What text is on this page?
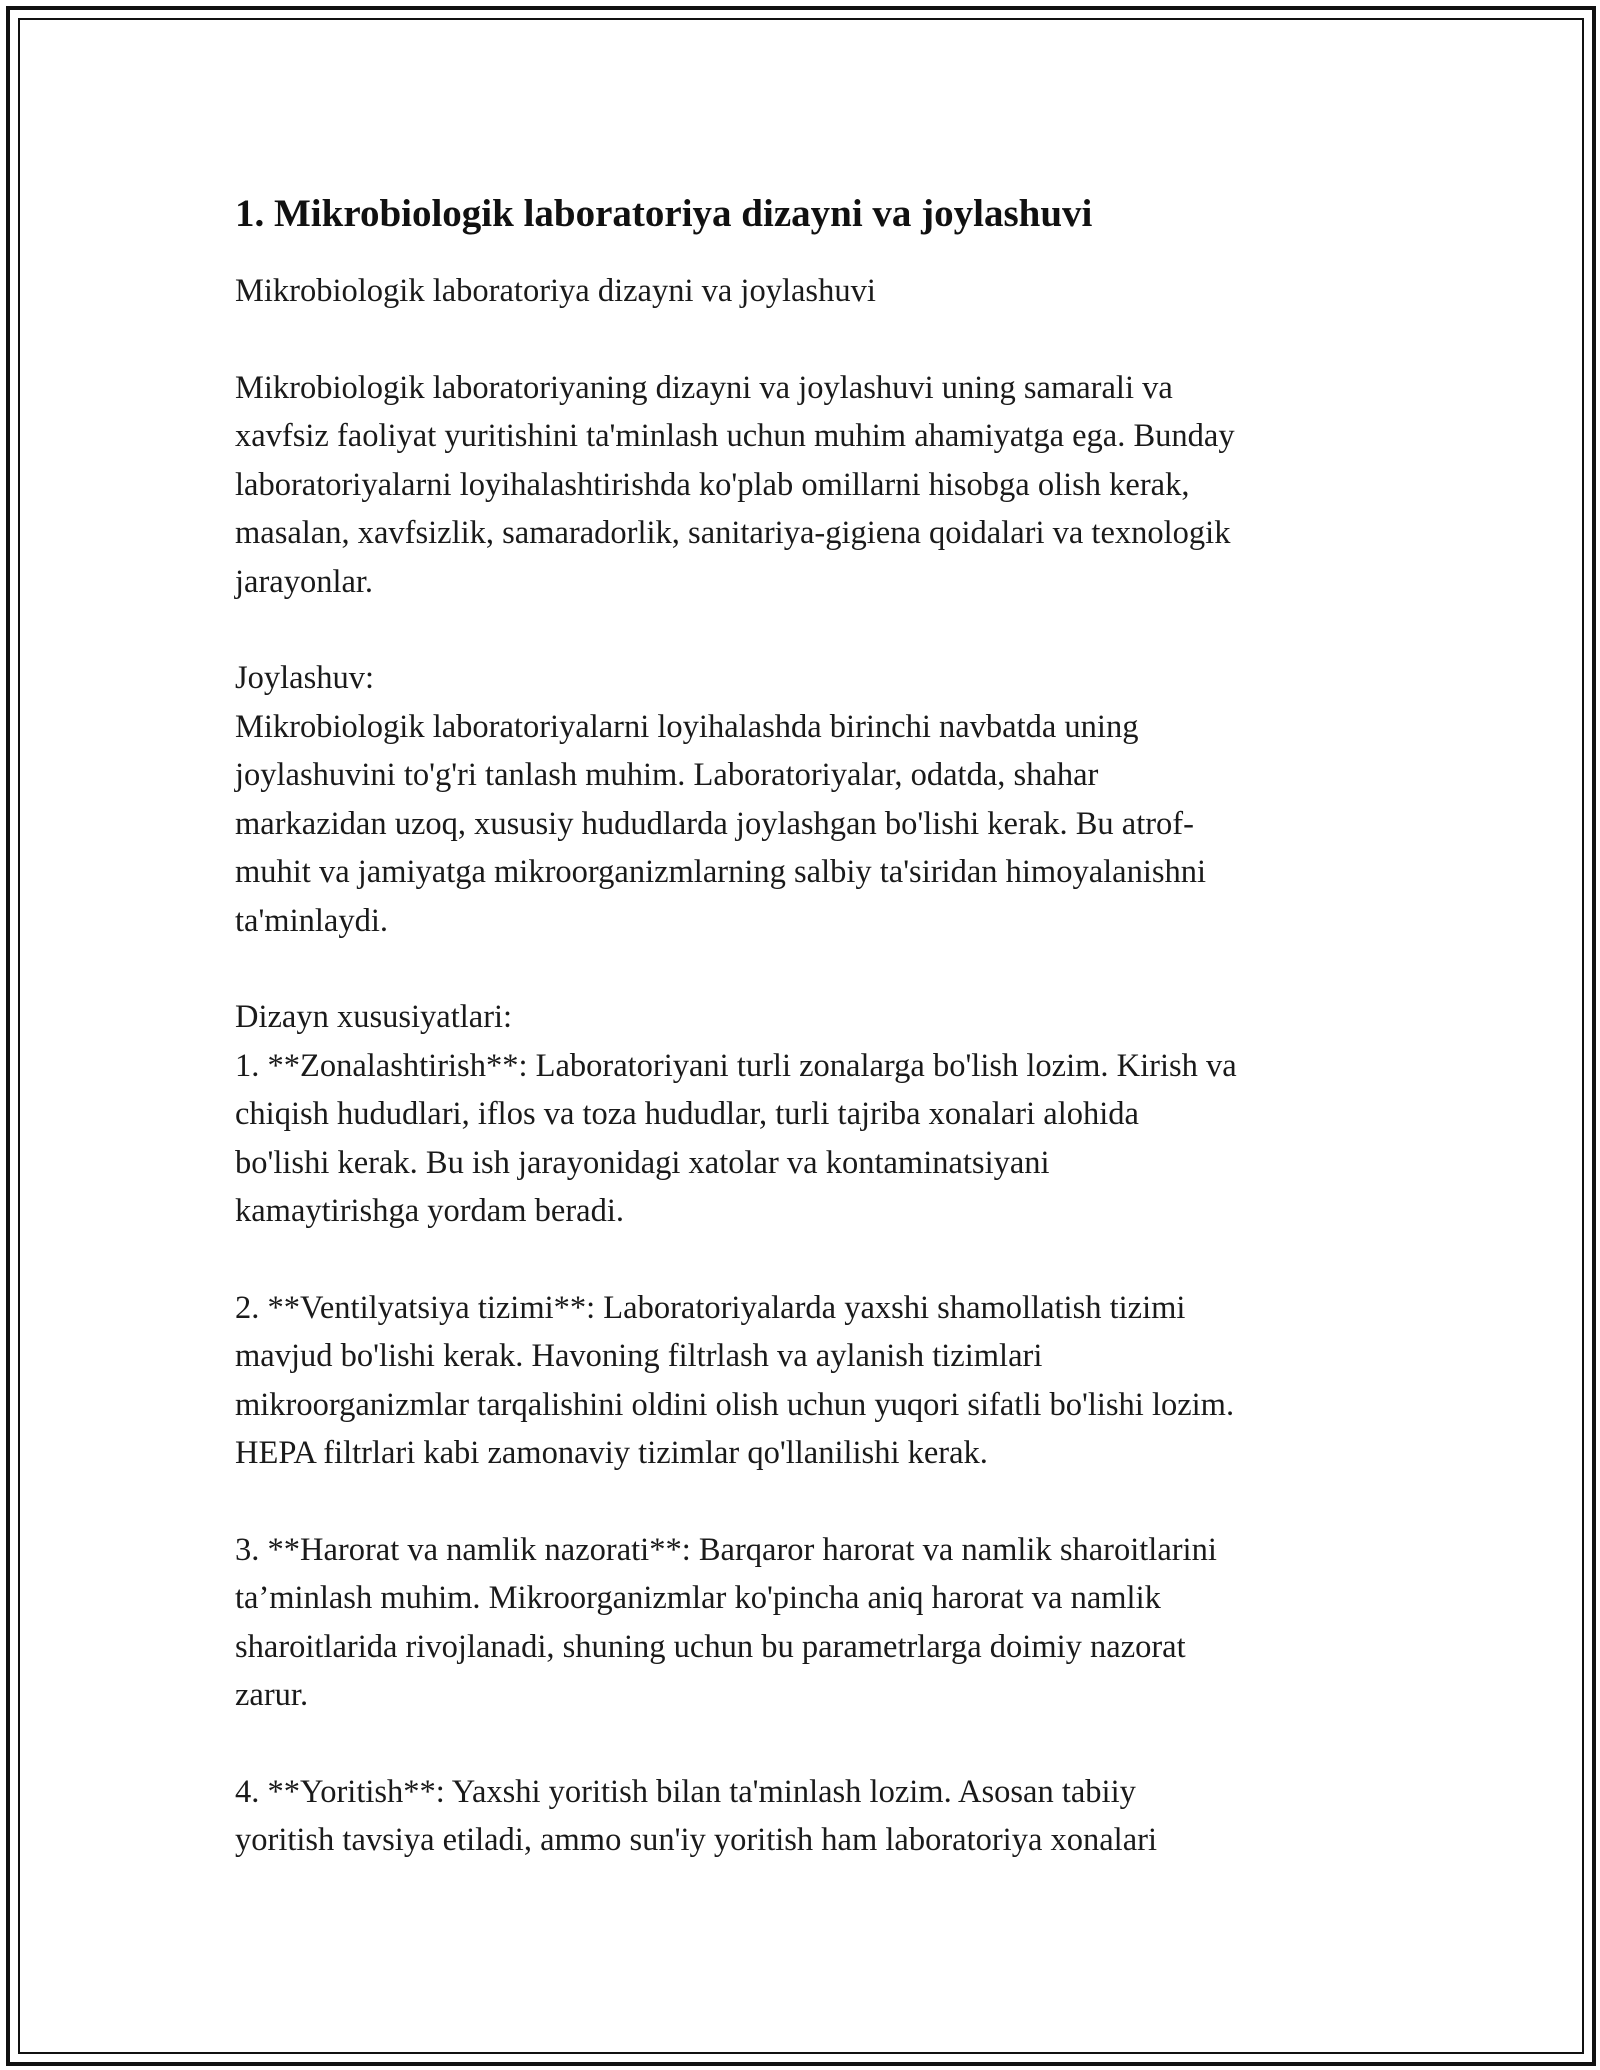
1. Mikrobiologik laboratoriya dizayni va joylashuvi

Mikrobiologik laboratoriya dizayni va joylashuvi

Mikrobiologik laboratoriyaning dizayni va joylashuvi uning samarali va
xavfsiz faoliyat yuritishini ta'minlash uchun muhim ahamiyatga ega. Bunday
laboratoriyalarni loyihalashtirishda ko'plab omillarni hisobga olish kerak,
masalan, xavfsizlik, samaradorlik, sanitariya-gigiena qoidalari va texnologik
jarayonlar.

Joylashuv:
Mikrobiologik laboratoriyalarni loyihalashda birinchi navbatda uning
joylashuvini to'g'ri tanlash muhim. Laboratoriyalar, odatda, shahar
markazidan uzoq, xususiy hududlarda joylashgan bo'lishi kerak. Bu atrof-
muhit va jamiyatga mikroorganizmlarning salbiy ta'siridan himoyalanishni
ta'minlaydi.

Dizayn xususiyatlari:
1. **Zonalashtirish**: Laboratoriyani turli zonalarga bo'lish lozim. Kirish va
chiqish hududlari, iflos va toza hududlar, turli tajriba xonalari alohida
bo'lishi kerak. Bu ish jarayonidagi xatolar va kontaminatsiyani
kamaytirishga yordam beradi.

2. **Ventilyatsiya tizimi**: Laboratoriyalarda yaxshi shamollatish tizimi
mavjud bo'lishi kerak. Havoning filtrlash va aylanish tizimlari
mikroorganizmlar tarqalishini oldini olish uchun yuqori sifatli bo'lishi lozim.
HEPA filtrlari kabi zamonaviy tizimlar qo'llanilishi kerak.

3. **Harorat va namlik nazorati**: Barqaror harorat va namlik sharoitlarini
ta’minlash muhim. Mikroorganizmlar ko'pincha aniq harorat va namlik
sharoitlarida rivojlanadi, shuning uchun bu parametrlarga doimiy nazorat
zarur.

4. **Yoritish**: Yaxshi yoritish bilan ta'minlash lozim. Asosan tabiiy
yoritish tavsiya etiladi, ammo sun'iy yoritish ham laboratoriya xonalari
